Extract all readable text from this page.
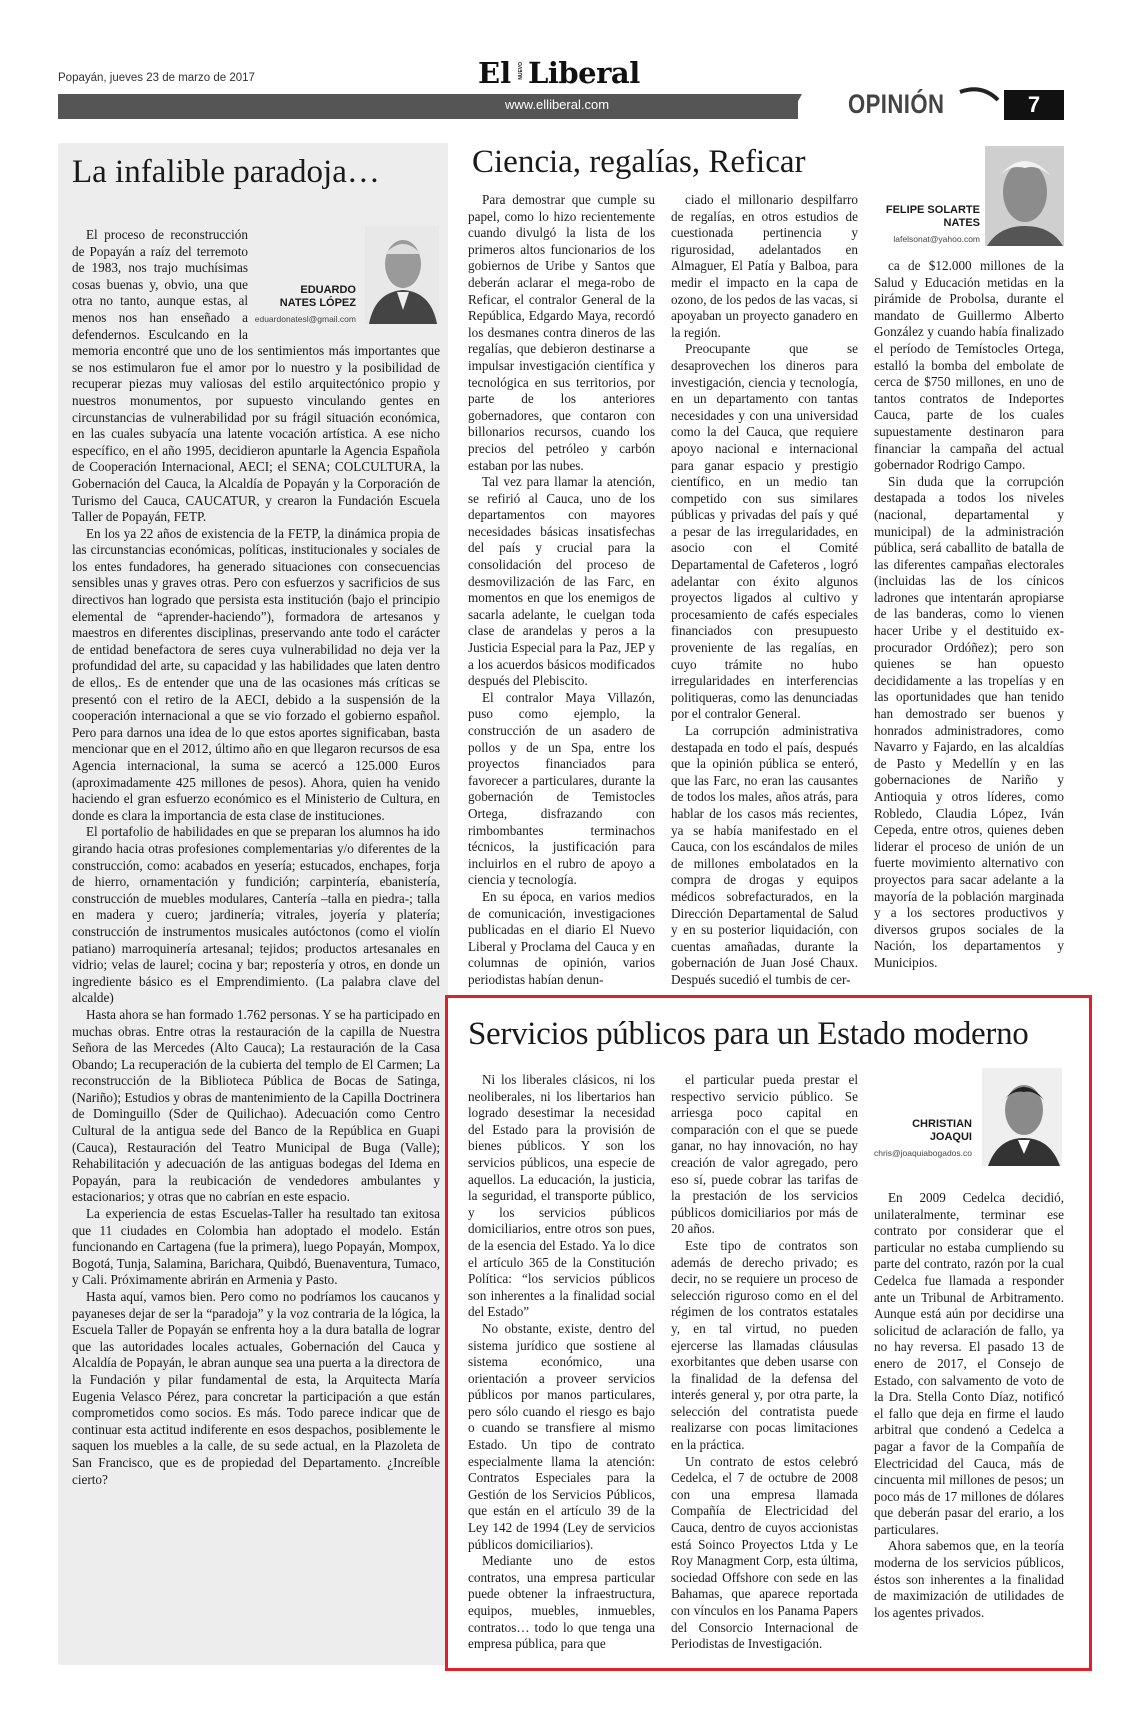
Popayán, jueves 23 de marzo de 2017	El NUEVO Liberal
www.elliberal.com	OPINIÓN	7
La infalible paradoja…
EDUARDO NATES LÓPEZ
eduardonatesl@gmail.com

El proceso de reconstrucción de Popayán a raíz del terremoto de 1983, nos trajo muchísimas cosas buenas y, obvio, una que otra no tanto, aunque estas, al menos nos han enseñado a defendernos. Esculcando en la memoria encontré que uno de los sentimientos más importantes que se nos estimularon fue el amor por lo nuestro y la posibilidad de recuperar piezas muy valiosas del estilo arquitectónico propio y nuestros monumentos, por supuesto vinculando gentes en circunstancias de vulnerabilidad por su frágil situación económica, en las cuales subyacía una latente vocación artística. A ese nicho específico, en el año 1995, decidieron apuntarle la Agencia Española de Cooperación Internacional, AECI; el SENA; COLCULTURA, la Gobernación del Cauca, la Alcaldía de Popayán y la Corporación de Turismo del Cauca, CAUCATUR, y crearon la Fundación Escuela Taller de Popayán, FETP.

En los ya 22 años de existencia de la FETP, la dinámica propia de las circunstancias económicas, políticas, institucionales y sociales de los entes fundadores, ha generado situaciones con consecuencias sensibles unas y graves otras. Pero con esfuerzos y sacrificios de sus directivos han logrado que persista esta institución (bajo el principio elemental de “aprender-haciendo”), formadora de artesanos y maestros en diferentes disciplinas, preservando ante todo el carácter de entidad benefactora de seres cuya vulnerabilidad no deja ver la profundidad del arte, su capacidad y las habilidades que laten dentro de ellos,. Es de entender que una de las ocasiones más críticas se presentó con el retiro de la AECI, debido a la suspensión de la cooperación internacional a que se vio forzado el gobierno español. Pero para darnos una idea de lo que estos aportes significaban, basta mencionar que en el 2012, último año en que llegaron recursos de esa Agencia internacional, la suma se acercó a 125.000 Euros (aproximadamente 425 millones de pesos). Ahora, quien ha venido haciendo el gran esfuerzo económico es el Ministerio de Cultura, en donde es clara la importancia de esta clase de instituciones.

El portafolio de habilidades en que se preparan los alumnos ha ido girando hacia otras profesiones complementarias y/o diferentes de la construcción, como: acabados en yesería; estucados, enchapes, forja de hierro, ornamentación y fundición; carpintería, ebanistería, construcción de muebles modulares, Cantería –talla en piedra-; talla en madera y cuero; jardinería; vitrales, joyería y platería; construcción de instrumentos musicales autóctonos (como el violín patiano) marroquinería artesanal; tejidos; productos artesanales en vidrio; velas de laurel; cocina y bar; repostería y otros, en donde un ingrediente básico es el Emprendimiento. (La palabra clave del alcalde)

Hasta ahora se han formado 1.762 personas. Y se ha participado en muchas obras. Entre otras la restauración de la capilla de Nuestra Señora de las Mercedes (Alto Cauca); La restauración de la Casa Obando; La recuperación de la cubierta del templo de El Carmen; La reconstrucción de la Biblioteca Pública de Bocas de Satinga, (Nariño); Estudios y obras de mantenimiento de la Capilla Doctrinera de Dominguillo (Sder de Quilichao). Adecuación como Centro Cultural de la antigua sede del Banco de la República en Guapi (Cauca), Restauración del Teatro Municipal de Buga (Valle); Rehabilitación y adecuación de las antiguas bodegas del Idema en Popayán, para la reubicación de vendedores ambulantes y estacionarios; y otras que no cabrían en este espacio.

La experiencia de estas Escuelas-Taller ha resultado tan exitosa que 11 ciudades en Colombia han adoptado el modelo. Están funcionando en Cartagena (fue la primera), luego Popayán, Mompox, Bogotá, Tunja, Salamina, Barichara, Quibdó, Buenaventura, Tumaco, y Cali. Próximamente abrirán en Armenia y Pasto.

Hasta aquí, vamos bien. Pero como no podríamos los caucanos y payaneses dejar de ser la “paradoja” y la voz contraria de la lógica, la Escuela Taller de Popayán se enfrenta hoy a la dura batalla de lograr que las autoridades locales actuales, Gobernación del Cauca y Alcaldía de Popayán, le abran aunque sea una puerta a la directora de la Fundación y pilar fundamental de esta, la Arquitecta María Eugenia Velasco Pérez, para concretar la participación a que están comprometidos como socios. Es más. Todo parece indicar que de continuar esta actitud indiferente en esos despachos, posiblemente le saquen los muebles a la calle, de su sede actual, en la Plazoleta de San Francisco, que es de propiedad del Departamento. ¿Increíble cierto?

Ciencia, regalías, Reficar
FELIPE SOLARTE NATES
lafelsonat@yahoo.com

Para demostrar que cumple su papel, como lo hizo recientemente cuando divulgó la lista de los primeros altos funcionarios de los gobiernos de Uribe y Santos que deberán aclarar el mega-robo de Reficar, el contralor General de la República, Edgardo Maya, recordó los desmanes contra dineros de las regalías, que debieron destinarse a impulsar investigación científica y tecnológica en sus territorios, por parte de los anteriores gobernadores, que contaron con billonarios recursos, cuando los precios del petróleo y carbón estaban por las nubes.

Tal vez para llamar la atención, se refirió al Cauca, uno de los departamentos con mayores necesidades básicas insatisfechas del país y crucial para la consolidación del proceso de desmovilización de las Farc, en momentos en que los enemigos de sacarla adelante, le cuelgan toda clase de arandelas y peros a la Justicia Especial para la Paz, JEP y a los acuerdos básicos modificados después del Plebiscito.

El contralor Maya Villazón, puso como ejemplo, la construcción de un asadero de pollos y de un Spa, entre los proyectos financiados para favorecer a particulares, durante la gobernación de Temistocles Ortega, disfrazando con rimbombantes terminachos técnicos, la justificación para incluirlos en el rubro de apoyo a ciencia y tecnología.

En su época, en varios medios de comunicación, investigaciones publicadas en el diario El Nuevo Liberal y Proclama del Cauca y en columnas de opinión, varios periodistas habían denun-

ciado el millonario despilfarro de regalías, en otros estudios de cuestionada pertinencia y rigurosidad, adelantados en Almaguer, El Patía y Balboa, para medir el impacto en la capa de ozono, de los pedos de las vacas, si apoyaban un proyecto ganadero en la región.

Preocupante que se desaprovechen los dineros para investigación, ciencia y tecnología, en un departamento con tantas necesidades y con una universidad como la del Cauca, que requiere apoyo nacional e internacional para ganar espacio y prestigio científico, en un medio tan competido con sus similares públicas y privadas del país y qué a pesar de las irregularidades, en asocio con el Comité Departamental de Cafeteros , logró adelantar con éxito algunos proyectos ligados al cultivo y procesamiento de cafés especiales financiados con presupuesto proveniente de las regalías, en cuyo trámite no hubo irregularidades en interferencias politiqueras, como las denunciadas por el contralor General.

La corrupción administrativa destapada en todo el país, después que la opinión pública se enteró, que las Farc, no eran las causantes de todos los males, años atrás, para hablar de los casos más recientes, ya se había manifestado en el Cauca, con los escándalos de miles de millones embolatados en la compra de drogas y equipos médicos sobrefacturados, en la Dirección Departamental de Salud y en su posterior liquidación, con cuentas amañadas, durante la gobernación de Juan José Chaux. Después sucedió el tumbis de cer-

ca de $12.000 millones de la Salud y Educación metidas en la pirámide de Probolsa, durante el mandato de Guillermo Alberto González y cuando había finalizado el período de Temístocles Ortega, estalló la bomba del embolate de cerca de $750 millones, en uno de tantos contratos de Indeportes Cauca, parte de los cuales supuestamente destinaron para financiar la campaña del actual gobernador Rodrigo Campo.

Sin duda que la corrupción destapada a todos los niveles (nacional, departamental y municipal) de la administración pública, será caballito de batalla de las diferentes campañas electorales (incluidas las de los cínicos ladrones que intentarán apropiarse de las banderas, como lo vienen hacer Uribe y el destituido ex-procurador Ordóñez); pero son quienes se han opuesto decididamente a las tropelías y en las oportunidades que han tenido han demostrado ser buenos y honrados administradores, como Navarro y Fajardo, en las alcaldías de Pasto y Medellín y en las gobernaciones de Nariño y Antioquia y otros líderes, como Robledo, Claudia López, Iván Cepeda, entre otros, quienes deben liderar el proceso de unión de un fuerte movimiento alternativo con proyectos para sacar adelante a la mayoría de la población marginada y a los sectores productivos y diversos grupos sociales de la Nación, los departamentos y Municipios.

Servicios públicos para un Estado moderno
CHRISTIAN JOAQUI
chris@joaquiabogados.co

Ni los liberales clásicos, ni los neoliberales, ni los libertarios han logrado desestimar la necesidad del Estado para la provisión de bienes públicos. Y son los servicios públicos, una especie de aquellos. La educación, la justicia, la seguridad, el transporte público, y los servicios públicos domiciliarios, entre otros son pues, de la esencia del Estado. Ya lo dice el artículo 365 de la Constitución Política: “los servicios públicos son inherentes a la finalidad social del Estado”

No obstante, existe, dentro del sistema jurídico que sostiene al sistema económico, una orientación a proveer servicios públicos por manos particulares, pero sólo cuando el riesgo es bajo o cuando se transfiere al mismo Estado. Un tipo de contrato especialmente llama la atención: Contratos Especiales para la Gestión de los Servicios Públicos, que están en el artículo 39 de la Ley 142 de 1994 (Ley de servicios públicos domiciliarios).

Mediante uno de estos contratos, una empresa particular puede obtener la infraestructura, equipos, muebles, inmuebles, contratos… todo lo que tenga una empresa pública, para que

el particular pueda prestar el respectivo servicio público. Se arriesga poco capital en comparación con el que se puede ganar, no hay innovación, no hay creación de valor agregado, pero eso sí, puede cobrar las tarifas de la prestación de los servicios públicos domiciliarios por más de 20 años.

Este tipo de contratos son además de derecho privado; es decir, no se requiere un proceso de selección riguroso como en el del régimen de los contratos estatales y, en tal virtud, no pueden ejercerse las llamadas cláusulas exorbitantes que deben usarse con la finalidad de la defensa del interés general y, por otra parte, la selección del contratista puede realizarse con pocas limitaciones en la práctica.

Un contrato de estos celebró Cedelca, el 7 de octubre de 2008 con una empresa llamada Compañía de Electricidad del Cauca, dentro de cuyos accionistas está Soinco Proyectos Ltda y Le Roy Managment Corp, esta última, sociedad Offshore con sede en las Bahamas, que aparece reportada con vínculos en los Panama Papers del Consorcio Internacional de Periodistas de Investigación.

En 2009 Cedelca decidió, unilateralmente, terminar ese contrato por considerar que el particular no estaba cumpliendo su parte del contrato, razón por la cual Cedelca fue llamada a responder ante un Tribunal de Arbitramento. Aunque está aún por decidirse una solicitud de aclaración de fallo, ya no hay reversa. El pasado 13 de enero de 2017, el Consejo de Estado, con salvamento de voto de la Dra. Stella Conto Díaz, notificó el fallo que deja en firme el laudo arbitral que condenó a Cedelca a pagar a favor de la Compañía de Electricidad del Cauca, más de cincuenta mil millones de pesos; un poco más de 17 millones de dólares que deberán pasar del erario, a los particulares.

Ahora sabemos que, en la teoría moderna de los servicios públicos, éstos son inherentes a la finalidad de maximización de utilidades de los agentes privados.
